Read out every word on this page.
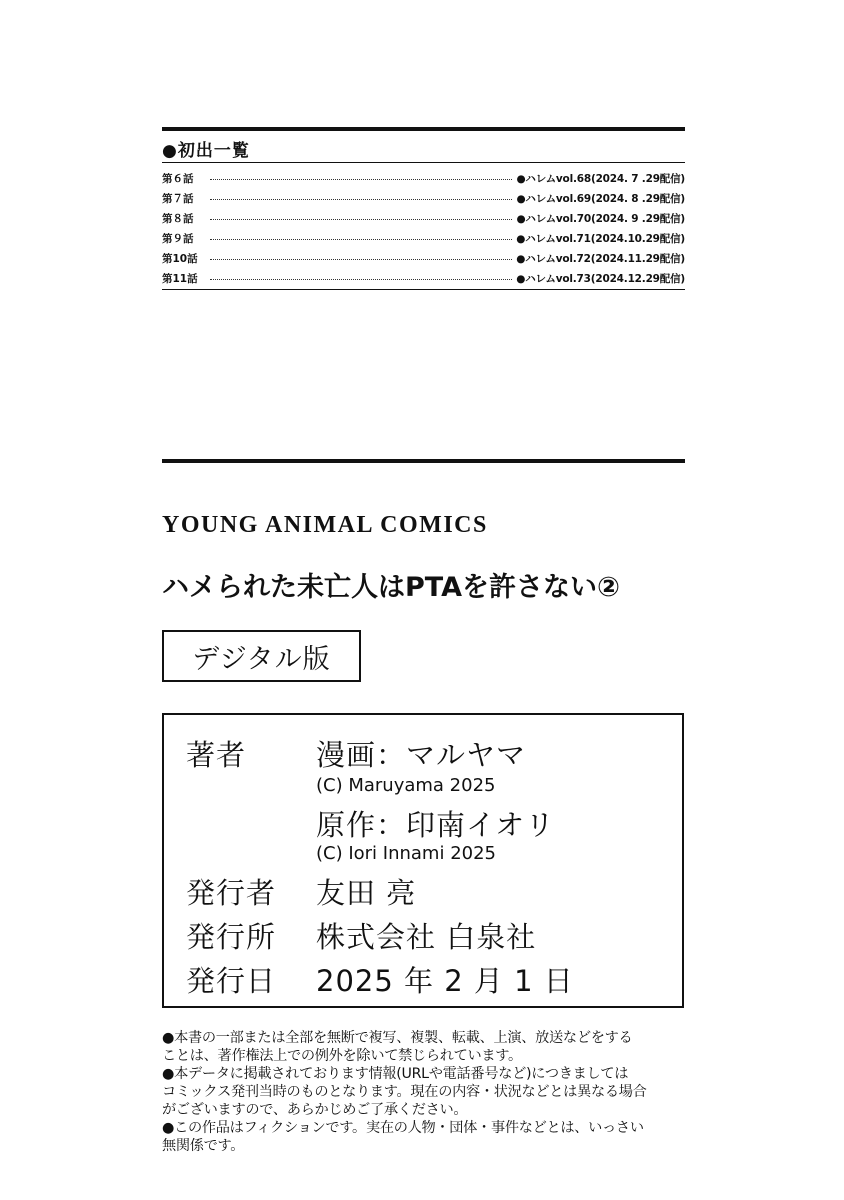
●初出一覧
第６話	●ハレムvol.68(2024. 7 .29配信)
第７話	●ハレムvol.69(2024. 8 .29配信)
第８話	●ハレムvol.70(2024. 9 .29配信)
第９話	●ハレムvol.71(2024.10.29配信)
第10話	●ハレムvol.72(2024.11.29配信)
第11話	●ハレムvol.73(2024.12.29配信)
YOUNG ANIMAL COMICS
ハメられた未亡人はPTAを許さない②
デジタル版
著者 漫画：マルヤマ
(C) Maruyama 2025
原作：印南イオリ
(C) Iori Innami 2025
発行者 友田 亮
発行所 株式会社 白泉社
発行日 2025 年 2 月 1 日

●本書の一部または全部を無断で複写、複製、転載、上演、放送などをする

ことは、著作権法上での例外を除いて禁じられています。

●本データに掲載されております情報(URLや電話番号など)につきましては

コミックス発刊当時のものとなります。現在の内容・状況などとは異なる場合

がございますので、あらかじめご了承ください。

●この作品はフィクションです。実在の人物・団体・事件などとは、いっさい

無関係です。
